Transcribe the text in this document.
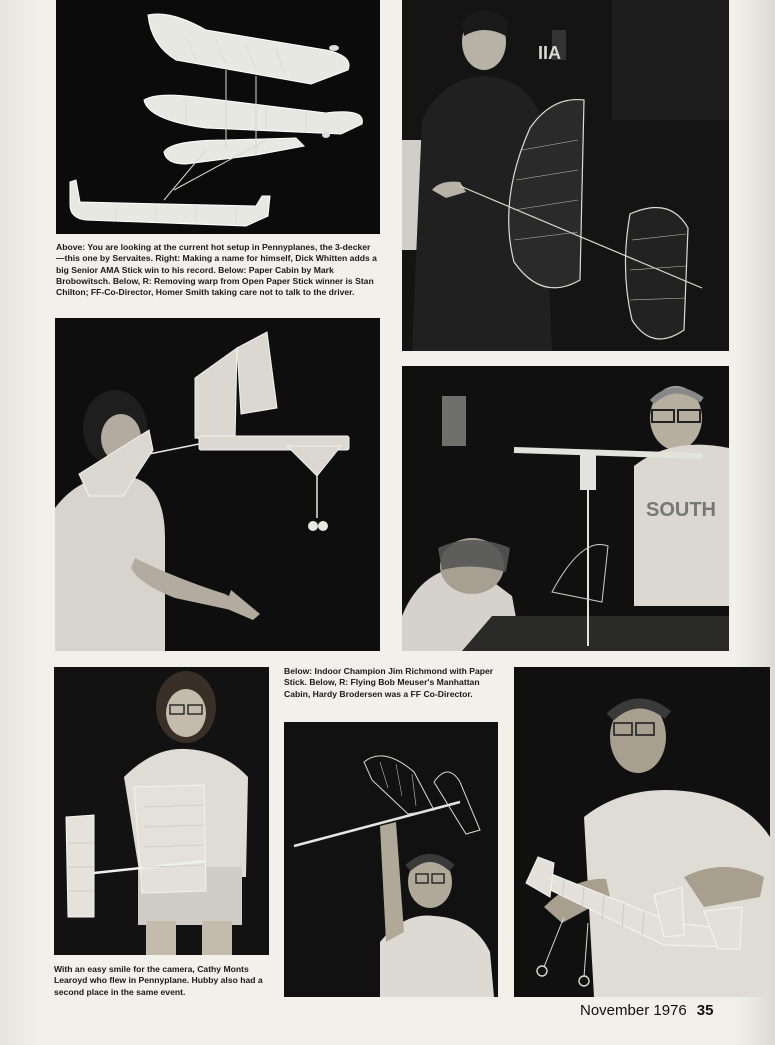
IIA

Above: You are looking at the current hot setup in Pennyplanes, the 3-decker—this one by Servaites. Right: Making a name for himself, Dick Whitten adds a big Senior AMA Stick win to his record. Below: Paper Cabin by Mark Brobowitsch. Below, R: Removing warp from Open Paper Stick winner is Stan Chilton; FF-Co-Director, Homer Smith taking care not to talk to the driver.

SOUTH

Below: Indoor Champion Jim Richmond with Paper Stick. Below, R: Flying Bob Meuser's Manhattan Cabin, Hardy Brodersen was a FF Co-Director.

With an easy smile for the camera, Cathy Monts Learoyd who flew in Pennyplane. Hubby also had a second place in the same event.

November 1976 35
